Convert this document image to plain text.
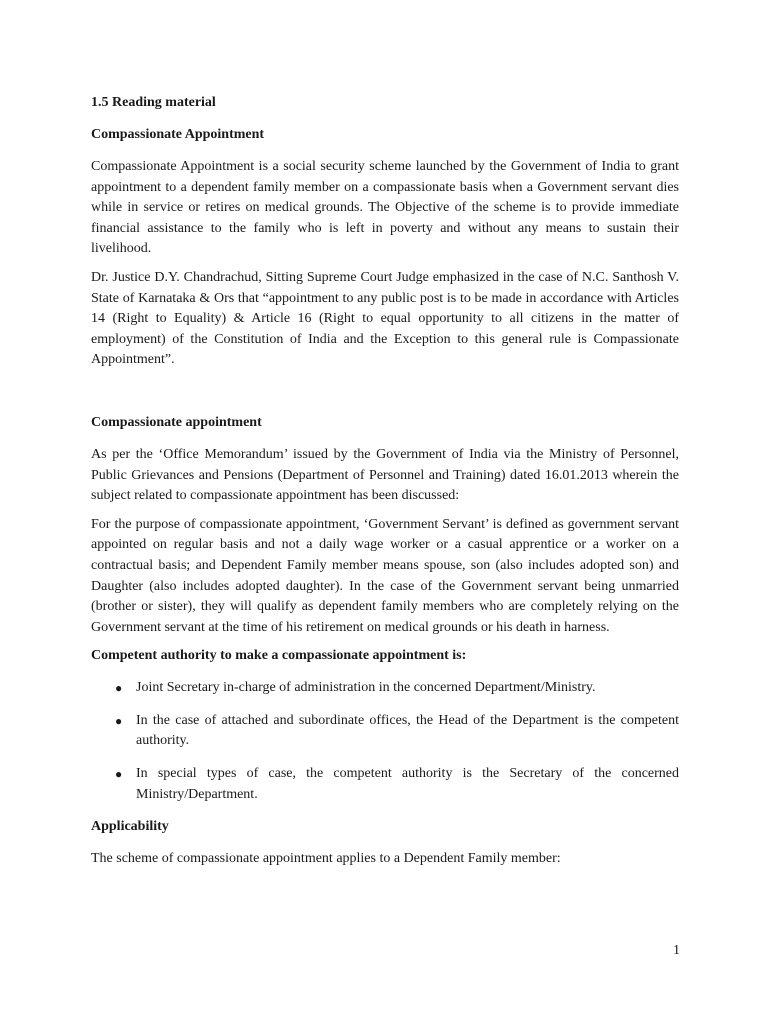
1.5 Reading material
Compassionate Appointment

Compassionate Appointment is a social security scheme launched by the Government of India to grant appointment to a dependent family member on a compassionate basis when a Government servant dies while in service or retires on medical grounds. The Objective of the scheme is to provide immediate financial assistance to the family who is left in poverty and without any means to sustain their livelihood.

Dr. Justice D.Y. Chandrachud, Sitting Supreme Court Judge emphasized in the case of N.C. Santhosh V. State of Karnataka & Ors that “appointment to any public post is to be made in accordance with Articles 14 (Right to Equality) & Article 16 (Right to equal opportunity to all citizens in the matter of employment) of the Constitution of India and the Exception to this general rule is Compassionate Appointment”.

Compassionate appointment

As per the ‘Office Memorandum’ issued by the Government of India via the Ministry of Personnel, Public Grievances and Pensions (Department of Personnel and Training) dated 16.01.2013 wherein the subject related to compassionate appointment has been discussed:

For the purpose of compassionate appointment, ‘Government Servant’ is defined as government servant appointed on regular basis and not a daily wage worker or a casual apprentice or a worker on a contractual basis; and Dependent Family member means spouse, son (also includes adopted son) and Daughter (also includes adopted daughter). In the case of the Government servant being unmarried (brother or sister), they will qualify as dependent family members who are completely relying on the Government servant at the time of his retirement on medical grounds or his death in harness.

Competent authority to make a compassionate appointment is:
● Joint Secretary in-charge of administration in the concerned Department/Ministry.
● In the case of attached and subordinate offices, the Head of the Department is the competent authority.
● In special types of case, the competent authority is the Secretary of the concerned Ministry/Department.
Applicability

The scheme of compassionate appointment applies to a Dependent Family member:

1
